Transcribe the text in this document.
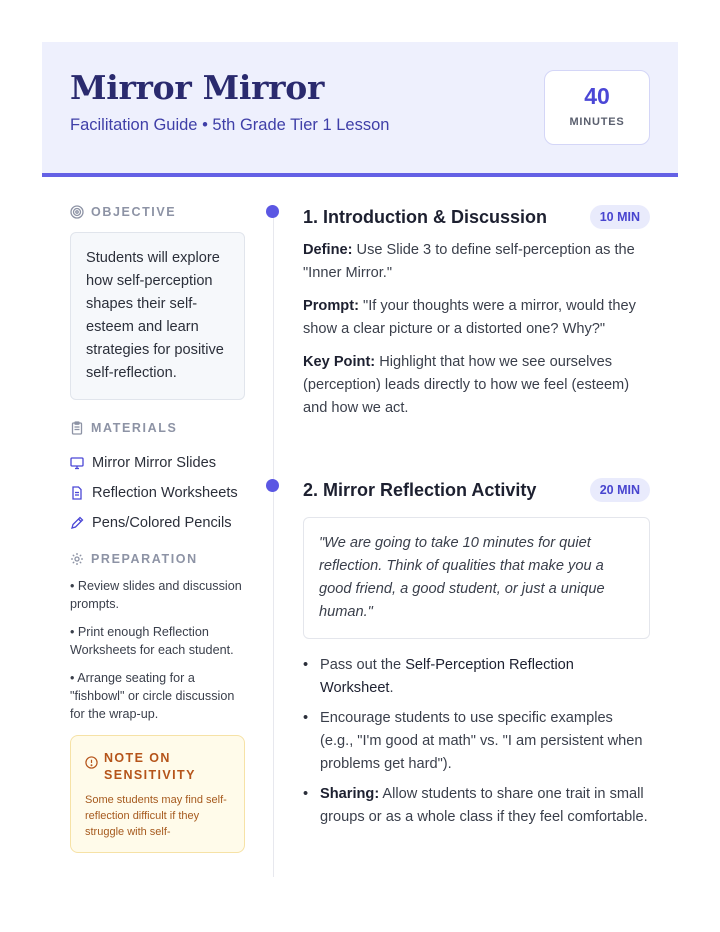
Mirror Mirror
Facilitation Guide • 5th Grade Tier 1 Lesson
40
MINUTES
OBJECTIVE
Students will explore how self-perception shapes their self-esteem and learn strategies for positive self-reflection.
MATERIALS
Mirror Mirror Slides
Reflection Worksheets
Pens/Colored Pencils
PREPARATION
• Review slides and discussion prompts.
• Print enough Reflection Worksheets for each student.
• Arrange seating for a "fishbowl" or circle discussion for the wrap-up.
NOTE ON SENSITIVITY
Some students may find self-reflection difficult if they struggle with self-
1. Introduction & Discussion	10 MIN

Define: Use Slide 3 to define self-perception as the "Inner Mirror."

Prompt: "If your thoughts were a mirror, would they show a clear picture or a distorted one? Why?"

Key Point: Highlight that how we see ourselves (perception) leads directly to how we feel (esteem) and how we act.

2. Mirror Reflection Activity	20 MIN
"We are going to take 10 minutes for quiet reflection. Think of qualities that make you a good friend, a good student, or just a unique human."
• Pass out the Self-Perception Reflection Worksheet.
• Encourage students to use specific examples (e.g., "I'm good at math" vs. "I am persistent when problems get hard").
• Sharing: Allow students to share one trait in small groups or as a whole class if they feel comfortable.
